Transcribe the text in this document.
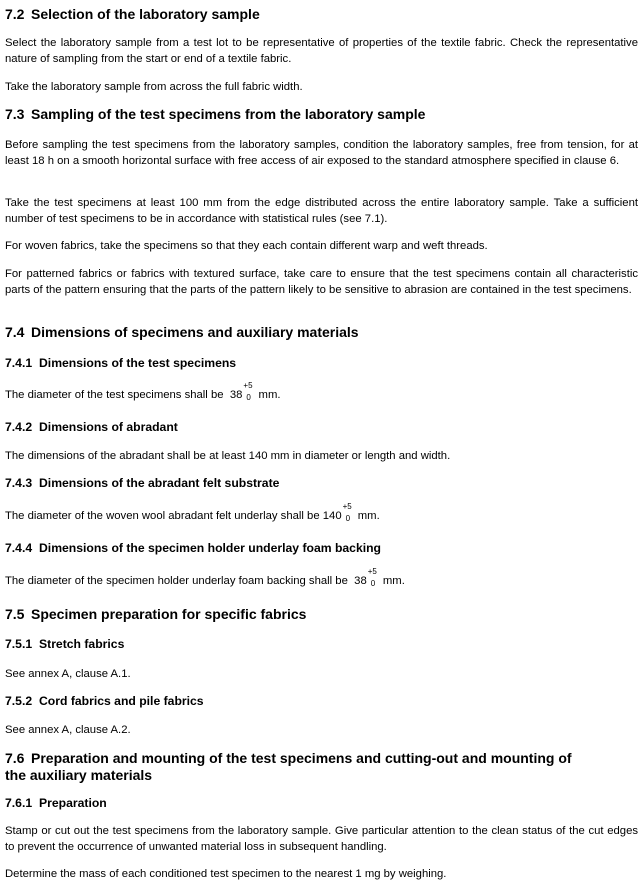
7.2 Selection of the laboratory sample

Select the laboratory sample from a test lot to be representative of properties of the textile fabric. Check the representative nature of sampling from the start or end of a textile fabric.

Take the laboratory sample from across the full fabric width.

7.3 Sampling of the test specimens from the laboratory sample

Before sampling the test specimens from the laboratory samples, condition the laboratory samples, free from tension, for at least 18 h on a smooth horizontal surface with free access of air exposed to the standard atmosphere specified in clause 6.

Take the test specimens at least 100 mm from the edge distributed across the entire laboratory sample. Take a sufficient number of test specimens to be in accordance with statistical rules (see 7.1).

For woven fabrics, take the specimens so that they each contain different warp and weft threads.

For patterned fabrics or fabrics with textured surface, take care to ensure that the test specimens contain all characteristic parts of the pattern ensuring that the parts of the pattern likely to be sensitive to abrasion are contained in the test specimens.

7.4 Dimensions of specimens and auxiliary materials
7.4.1 Dimensions of the test specimens

The diameter of the test specimens shall be 38
+5
0 mm.

7.4.2 Dimensions of abradant

The dimensions of the abradant shall be at least 140 mm in diameter or length and width.

7.4.3 Dimensions of the abradant felt substrate

The diameter of the woven wool abradant felt underlay shall be 140
+5
0 mm.

7.4.4 Dimensions of the specimen holder underlay foam backing

The diameter of the specimen holder underlay foam backing shall be 38
+5
0 mm.

7.5 Specimen preparation for specific fabrics
7.5.1 Stretch fabrics

See annex A, clause A.1.

7.5.2 Cord fabrics and pile fabrics

See annex A, clause A.2.

7.6 Preparation and mounting of the test specimens and cutting-out and mounting of
the auxiliary materials
7.6.1 Preparation

Stamp or cut out the test specimens from the laboratory sample. Give particular attention to the clean status of the cut edges to prevent the occurrence of unwanted material loss in subsequent handling.

Determine the mass of each conditioned test specimen to the nearest 1 mg by weighing.
